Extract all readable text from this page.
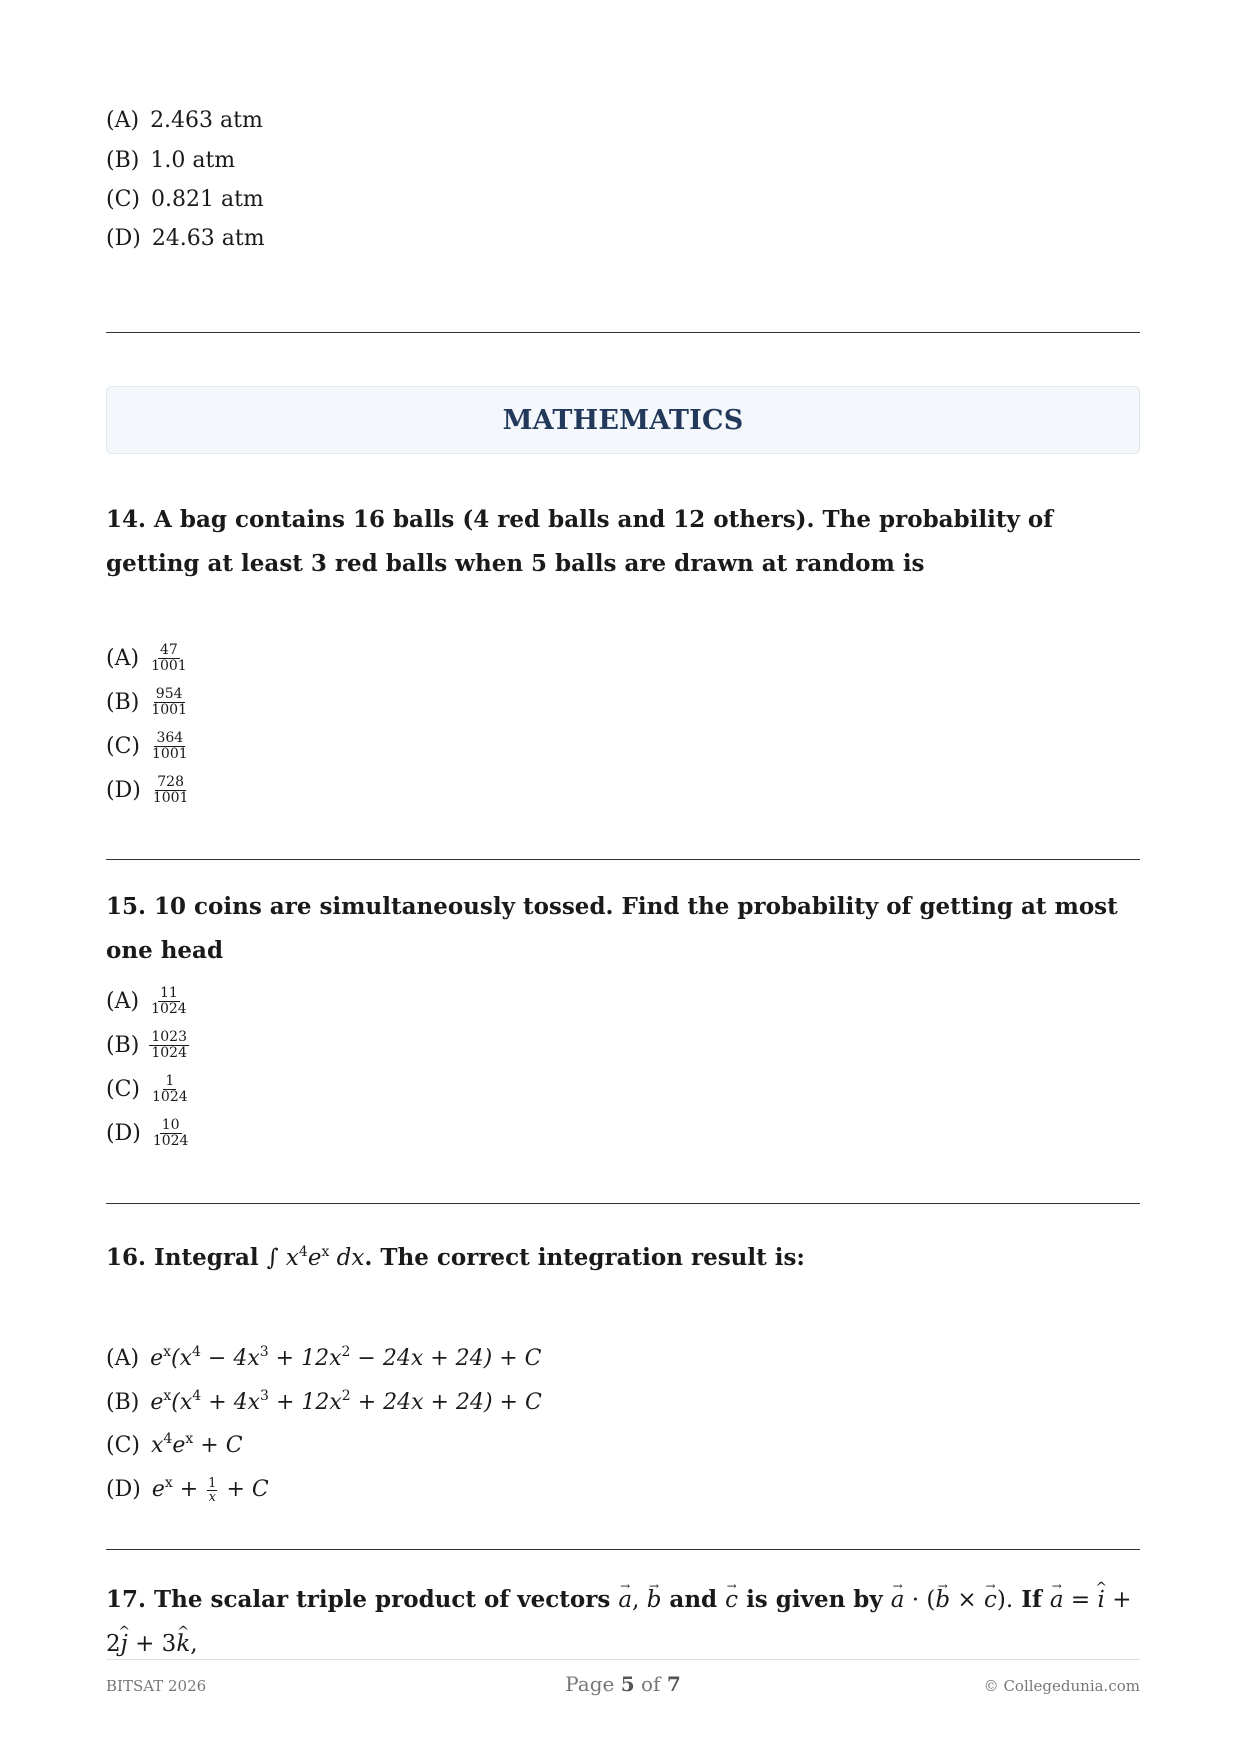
(A) 2.463 atm
(B) 1.0 atm
(C) 0.821 atm
(D) 24.63 atm
MATHEMATICS
14. A bag contains 16 balls (4 red balls and 12 others). The probability of getting at least 3 red balls when 5 balls are drawn at random is
$(A) \frac{47}{1001}$
$(B) \frac{954}{1001}$
$(C) \frac{364}{1001}$
$(D) \frac{728}{1001}$
15. 10 coins are simultaneously tossed. Find the probability of getting at most one head
$(A) \frac{11}{1024}$
$(B) \frac{1023}{1024}$
$(C) \frac{1}{1024}$
$(D) \frac{10}{1024}$
16. Integral ∫ $x^4e^x$ dx. The correct integration result is:
(A) $e^x(x^4 - 4x^3 + 12x^2 - 24x + 24) + C$
(B) $e^x(x^4 + 4x^3 + 12x^2 + 24x + 24) + C$
(C) $x^4e^x + C$
(D) $e^x + \frac{1}{x} + C$
17. The scalar triple product of vectors → a, → b and → c is given by → a · (→ b × → c). If → a = ^ i + 2^ j + 3^ k,
BITSAT 2026	Page 5 of 7	© Collegedunia.com
